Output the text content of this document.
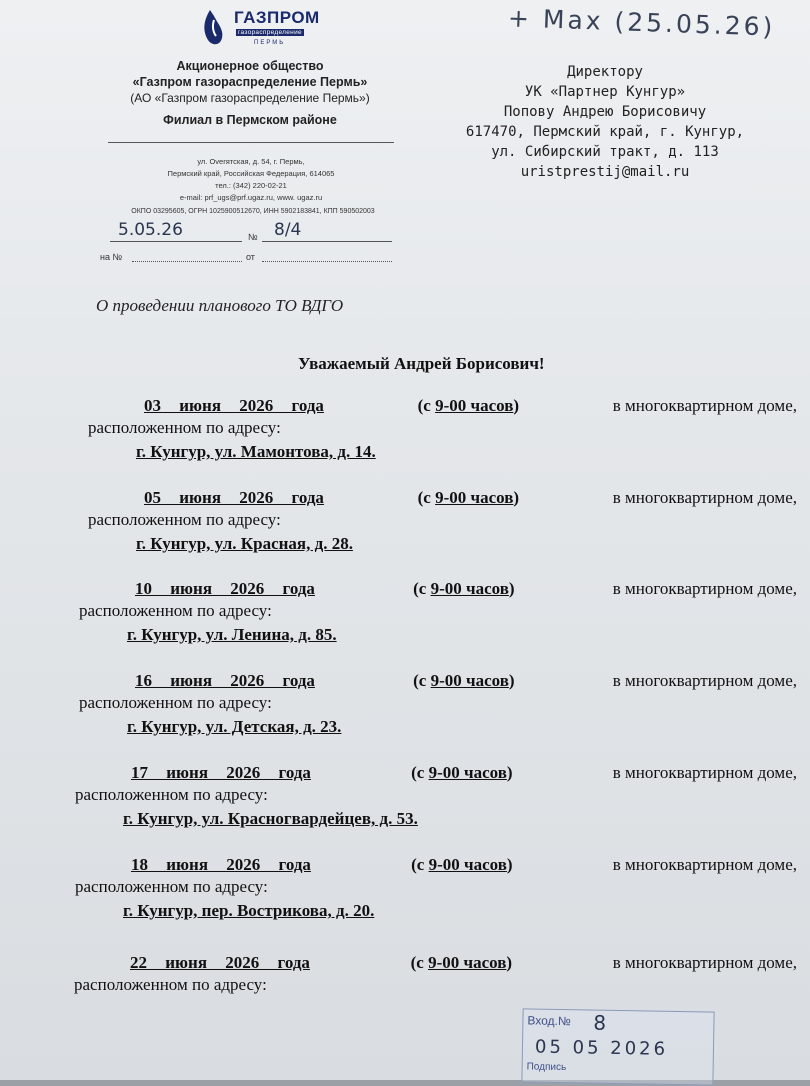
+ Max (25.05.26)
ГАЗПРОМ
газораспределение
ПЕРМЬ
Акционерное общество
«Газпром газораспределение Пермь»
(АО «Газпром газораспределение Пермь»)
Филиал в Пермском районе
ул. Overятская, д. 54, г. Пермь,
Пермский край, Российская Федерация, 614065
тел.: (342) 220-02-21
e-mail: prf_ugs@prf.ugaz.ru, www. ugaz.ru
ОКПО 03295605, ОГРН 1025900512670, ИНН 5902183841, КПП 590502003
5.05.26	№ 8/4
на №	от
Директору
УК «Партнер Кунгур»
Попову Андрею Борисовичу
617470, Пермский край, г. Кунгур,
ул. Сибирский тракт, д. 113
uristprestij@mail.ru
О проведении планового ТО ВДГО
Уважаемый Андрей Борисович!
03 июня 2026 года	(с 9-00 часов)	в многоквартирном доме,
расположенном по адресу:
г. Кунгур, ул. Мамонтова, д. 14.
05 июня 2026 года	(с 9-00 часов)	в многоквартирном доме,
расположенном по адресу:
г. Кунгур, ул. Красная, д. 28.
10 июня 2026 года	(с 9-00 часов)	в многоквартирном доме,
расположенном по адресу:
г. Кунгур, ул. Ленина, д. 85.
16 июня 2026 года	(с 9-00 часов)	в многоквартирном доме,
расположенном по адресу:
г. Кунгур, ул. Детская, д. 23.
17 июня 2026 года	(с 9-00 часов)	в многоквартирном доме,
расположенном по адресу:
г. Кунгур, ул. Красногвардейцев, д. 53.
18 июня 2026 года	(с 9-00 часов)	в многоквартирном доме,
расположенном по адресу:
г. Кунгур, пер. Вострикова, д. 20.
22 июня 2026 года	(с 9-00 часов)	в многоквартирном доме,
расположенном по адресу:
Вход.№ 8
05 05 2026
Подпись
